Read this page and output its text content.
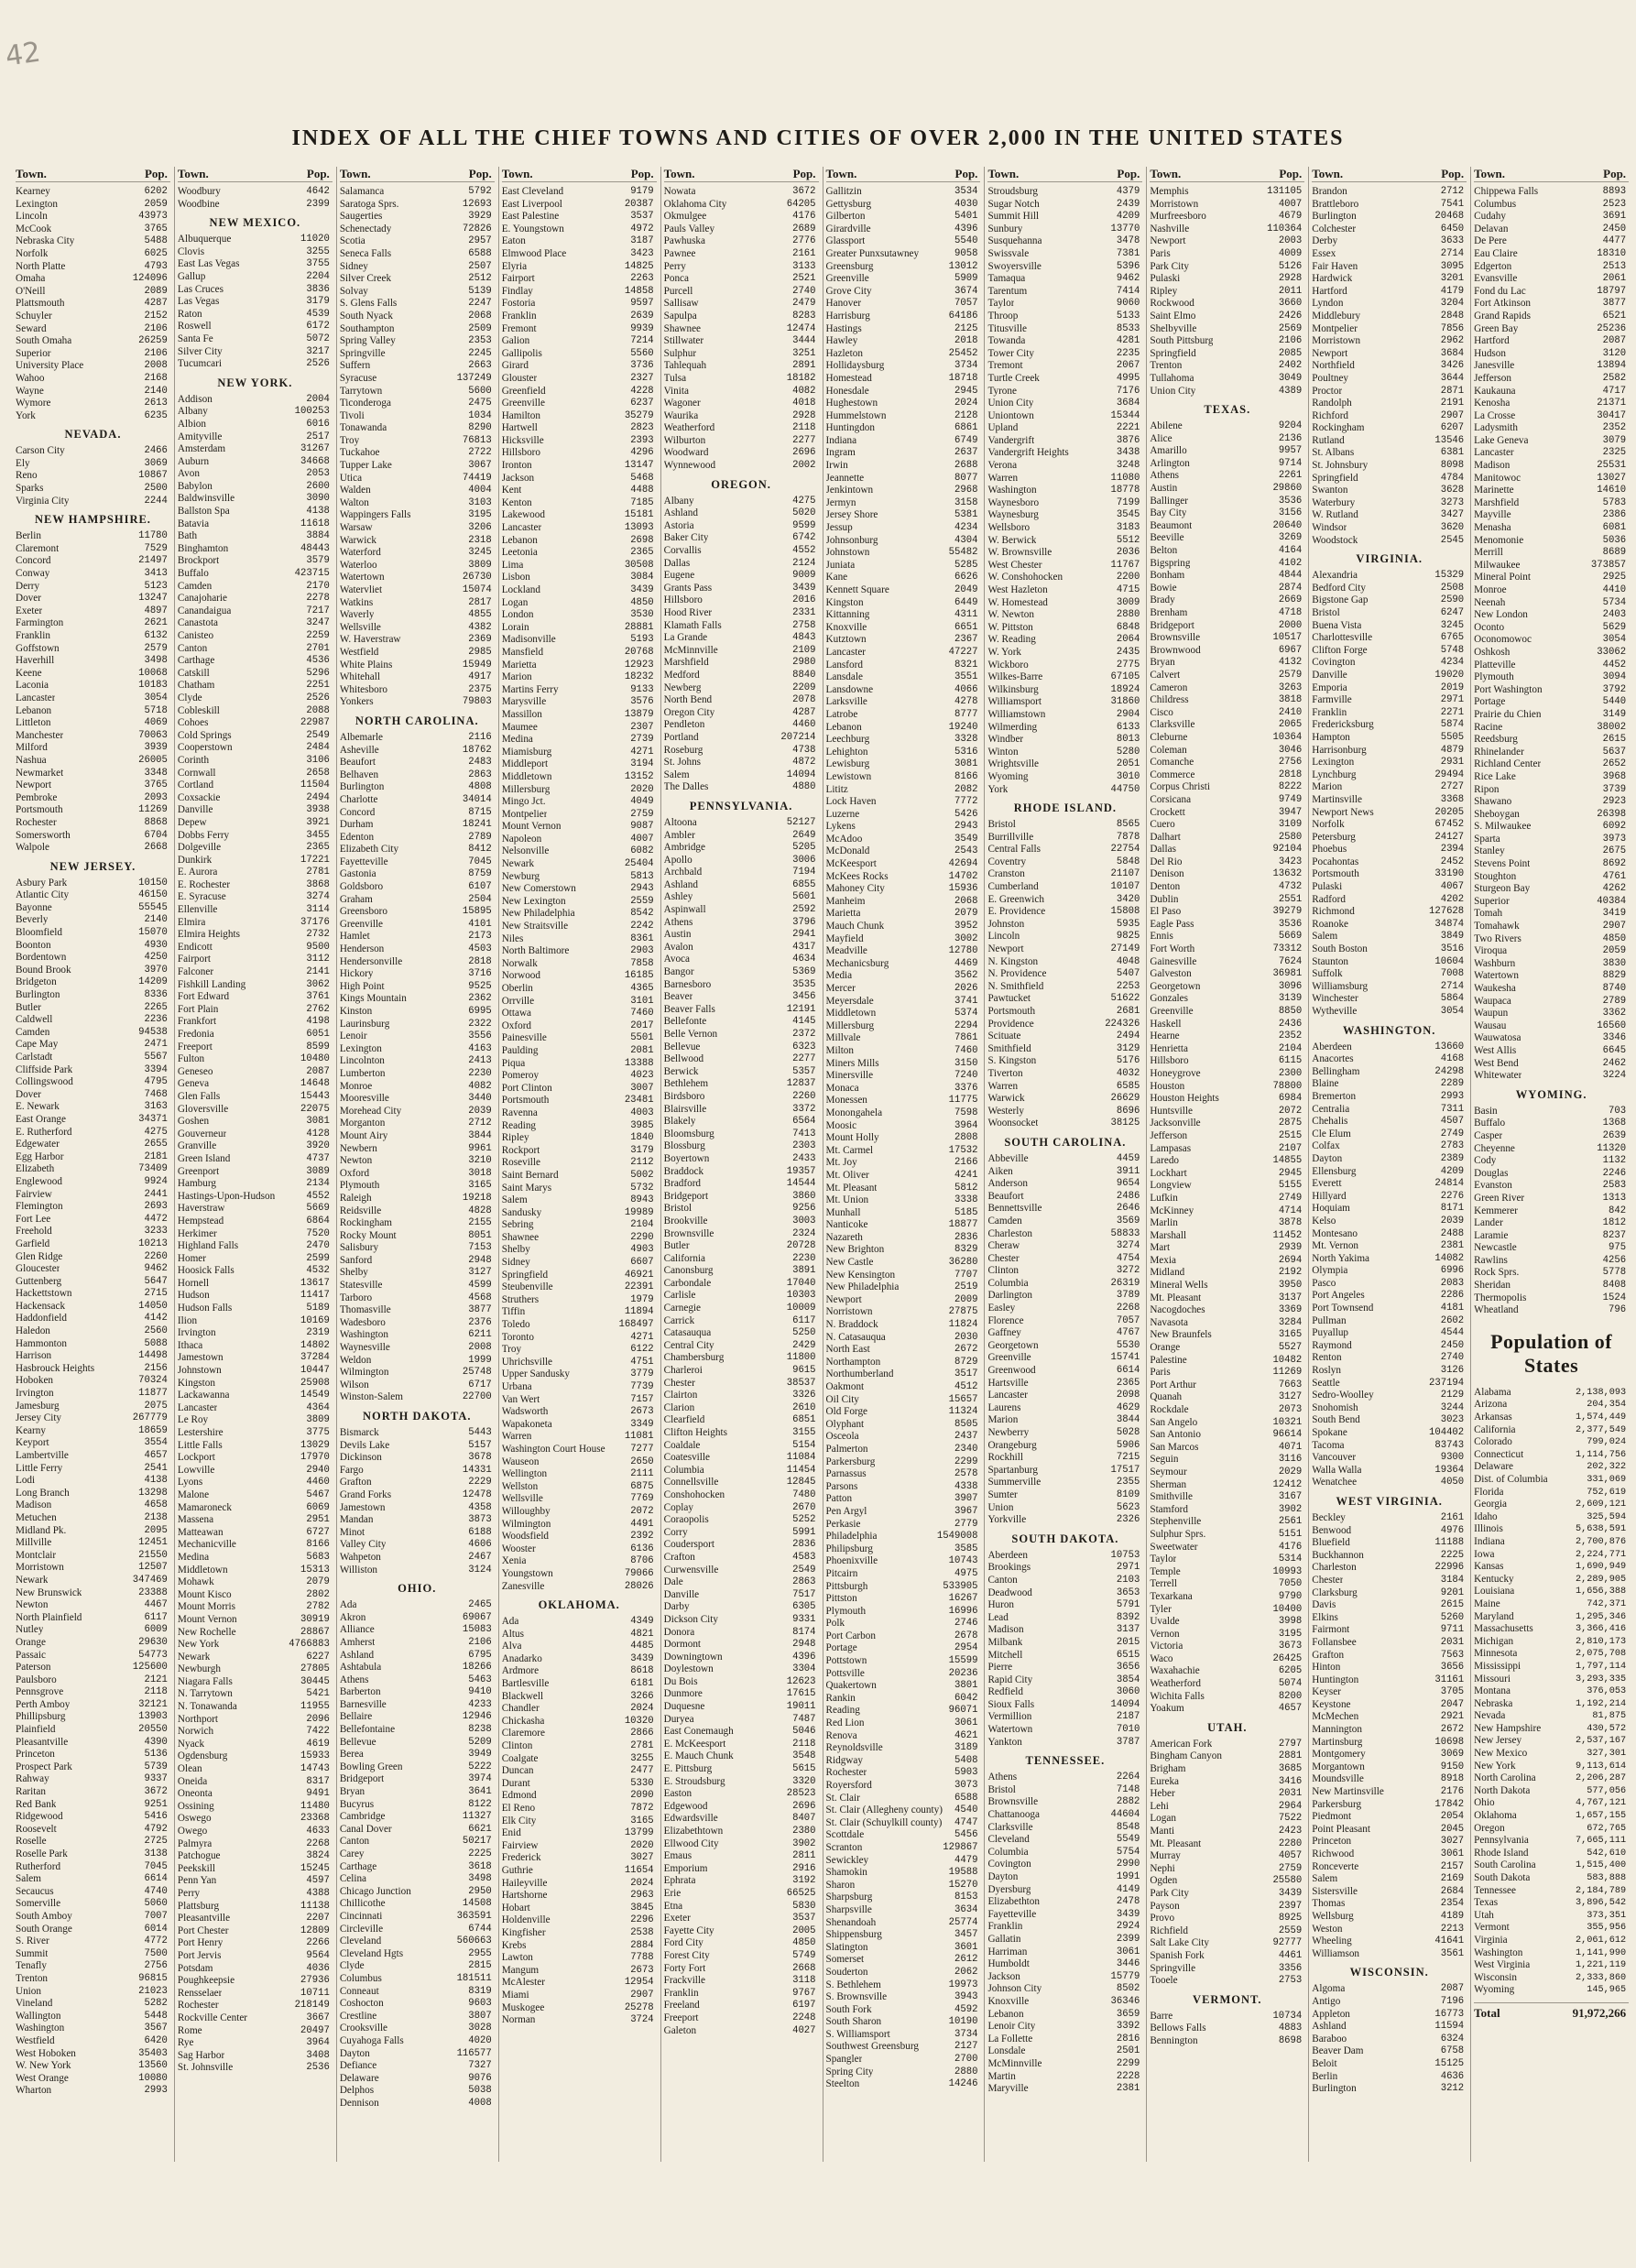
42
INDEX OF ALL THE CHIEF TOWNS AND CITIES OF OVER 2,000 IN THE UNITED STATES
Town.	Pop.
Kearney	6202
Lexington	2059
Lincoln	43973
McCook	3765
Nebraska City	5488
Norfolk	6025
North Platte	4793
Omaha	124096
O'Neill	2089
Plattsmouth	4287
Schuyler	2152
Seward	2106
South Omaha	26259
Superior	2106
University Place	2008
Wahoo	2168
Wayne	2140
Wymore	2613
York	6235
NEVADA.
Carson City	2466
Ely	3069
Reno	10867
Sparks	2500
Virginia City	2244
NEW HAMPSHIRE.
Berlin	11780
Claremont	7529
Concord	21497
Conway	3413
Derry	5123
Dover	13247
Exeter	4897
Farmington	2621
Franklin	6132
Goffstown	2579
Haverhill	3498
Keene	10068
Laconia	10183
Lancaster	3054
Lebanon	5718
Littleton	4069
Manchester	70063
Milford	3939
Nashua	26005
Newmarket	3348
Newport	3765
Pembroke	2093
Portsmouth	11269
Rochester	8868
Somersworth	6704
Walpole	2668
NEW JERSEY.
Asbury Park	10150
Atlantic City	46150
Bayonne	55545
Beverly	2140
Bloomfield	15070
Boonton	4930
Bordentown	4250
Bound Brook	3970
Bridgeton	14209
Burlington	8336
Butler	2265
Caldwell	2236
Camden	94538
Cape May	2471
Carlstadt	5567
Cliffside Park	3394
Collingswood	4795
Dover	7468
E. Newark	3163
East Orange	34371
E. Rutherford	4275
Edgewater	2655
Egg Harbor	2181
Elizabeth	73409
Englewood	9924
Fairview	2441
Flemington	2693
Fort Lee	4472
Freehold	3233
Garfield	10213
Glen Ridge	2260
Gloucester	9462
Guttenberg	5647
Hackettstown	2715
Hackensack	14050
Haddonfield	4142
Haledon	2560
Hammonton	5088
Harrison	14498
Hasbrouck Heights	2156
Hoboken	70324
Irvington	11877
Jamesburg	2075
Jersey City	267779
Kearny	18659
Keyport	3554
Lambertville	4657
Little Ferry	2541
Lodi	4138
Long Branch	13298
Madison	4658
Metuchen	2138
Midland Pk.	2095
Millville	12451
Montclair	21550
Morristown	12507
Newark	347469
New Brunswick	23388
Newton	4467
North Plainfield	6117
Nutley	6009
Orange	29630
Passaic	54773
Paterson	125600
Paulsboro	2121
Pennsgrove	2118
Perth Amboy	32121
Phillipsburg	13903
Plainfield	20550
Pleasantville	4390
Princeton	5136
Prospect Park	5739
Rahway	9337
Raritan	3672
Red Bank	9251
Ridgewood	5416
Roosevelt	4792
Roselle	2725
Roselle Park	3138
Rutherford	7045
Salem	6614
Secaucus	4740
Somerville	5060
South Amboy	7007
South Orange	6014
S. River	4772
Summit	7500
Tenafly	2756
Trenton	96815
Union	21023
Vineland	5282
Wallington	5448
Washington	3567
Westfield	6420
West Hoboken	35403
W. New York	13560
West Orange	10080
Wharton	2993
Town.	Pop.
Woodbury	4642
Woodbine	2399
NEW MEXICO.
Albuquerque	11020
Clovis	3255
East Las Vegas	3755
Gallup	2204
Las Cruces	3836
Las Vegas	3179
Raton	4539
Roswell	6172
Santa Fe	5072
Silver City	3217
Tucumcari	2526
NEW YORK.
Addison	2004
Albany	100253
Albion	6016
Amityville	2517
Amsterdam	31267
Auburn	34668
Avon	2053
Babylon	2600
Baldwinsville	3090
Ballston Spa	4138
Batavia	11618
Bath	3884
Binghamton	48443
Brockport	3579
Buffalo	423715
Camden	2170
Canajoharie	2278
Canandaigua	7217
Canastota	3247
Canisteo	2259
Canton	2701
Carthage	4536
Catskill	5296
Chatham	2251
Clyde	2526
Cobleskill	2088
Cohoes	22987
Cold Springs	2549
Cooperstown	2484
Corinth	3106
Cornwall	2658
Cortland	11504
Coxsackie	2494
Danville	3938
Depew	3921
Dobbs Ferry	3455
Dolgeville	2365
Dunkirk	17221
E. Aurora	2781
E. Rochester	3868
E. Syracuse	3274
Ellenville	3114
Elmira	37176
Elmira Heights	2732
Endicott	9500
Fairport	3112
Falconer	2141
Fishkill Landing	3062
Fort Edward	3761
Fort Plain	2762
Frankfort	4198
Fredonia	6051
Freeport	8599
Fulton	10480
Geneseo	2087
Geneva	14648
Glen Falls	15443
Gloversville	22075
Goshen	3081
Gouverneur	4128
Granville	3920
Green Island	4737
Greenport	3089
Hamburg	2134
Hastings-Upon-Hudson	4552
Haverstraw	5669
Hempstead	6864
Herkimer	7520
Highland Falls	2470
Homer	2599
Hoosick Falls	4532
Hornell	13617
Hudson	11417
Hudson Falls	5189
Ilion	10169
Irvington	2319
Ithaca	14802
Jamestown	37284
Johnstown	10447
Kingston	25908
Lackawanna	14549
Lancaster	4364
Le Roy	3809
Lestershire	3775
Little Falls	13029
Lockport	17970
Lowville	2940
Lyons	4460
Malone	5467
Mamaroneck	6069
Massena	2951
Matteawan	6727
Mechanicville	8166
Medina	5683
Middletown	15313
Mohawk	2079
Mount Kisco	2802
Mount Morris	2782
Mount Vernon	30919
New Rochelle	28867
New York	4766883
Newark	6227
Newburgh	27805
Niagara Falls	30445
N. Tarrytown	5421
N. Tonawanda	11955
Northport	2096
Norwich	7422
Nyack	4619
Ogdensburg	15933
Olean	14743
Oneida	8317
Oneonta	9491
Ossining	11480
Oswego	23368
Owego	4633
Palmyra	2268
Patchogue	3824
Peekskill	15245
Penn Yan	4597
Perry	4388
Plattsburg	11138
Pleasantville	2207
Port Chester	12809
Port Henry	2266
Port Jervis	9564
Potsdam	4036
Poughkeepsie	27936
Rensselaer	10711
Rochester	218149
Rockville Center	3667
Rome	20497
Rye	3964
Sag Harbor	3408
St. Johnsville	2536
Town.	Pop.
Salamanca	5792
Saratoga Sprs.	12693
Saugerties	3929
Schenectady	72826
Scotia	2957
Seneca Falls	6588
Sidney	2507
Silver Creek	2512
Solvay	5139
S. Glens Falls	2247
South Nyack	2068
Southampton	2509
Spring Valley	2353
Springville	2245
Suffern	2663
Syracuse	137249
Tarrytown	5600
Ticonderoga	2475
Tivoli	1034
Tonawanda	8290
Troy	76813
Tuckahoe	2722
Tupper Lake	3067
Utica	74419
Walden	4004
Walton	3103
Wappingers Falls	3195
Warsaw	3206
Warwick	2318
Waterford	3245
Waterloo	3809
Watertown	26730
Watervliet	15074
Watkins	2817
Waverly	4855
Wellsville	4382
W. Haverstraw	2369
Westfield	2985
White Plains	15949
Whitehall	4917
Whitesboro	2375
Yonkers	79803
NORTH CAROLINA.
Albemarle	2116
Asheville	18762
Beaufort	2483
Belhaven	2863
Burlington	4808
Charlotte	34014
Concord	8715
Durham	18241
Edenton	2789
Elizabeth City	8412
Fayetteville	7045
Gastonia	8759
Goldsboro	6107
Graham	2504
Greensboro	15895
Greenville	4101
Hamlet	2173
Henderson	4503
Hendersonville	2818
Hickory	3716
High Point	9525
Kings Mountain	2362
Kinston	6995
Laurinsburg	2322
Lenoir	3556
Lexington	4163
Lincolnton	2413
Lumberton	2230
Monroe	4082
Mooresville	3440
Morehead City	2039
Morganton	2712
Mount Airy	3844
Newbern	9961
Newton	3210
Oxford	3018
Plymouth	3165
Raleigh	19218
Reidsville	4828
Rockingham	2155
Rocky Mount	8051
Salisbury	7153
Sanford	2948
Shelby	3127
Statesville	4599
Tarboro	4568
Thomasville	3877
Wadesboro	2376
Washington	6211
Waynesville	2008
Weldon	1999
Wilmington	25748
Wilson	6717
Winston-Salem	22700
NORTH DAKOTA.
Bismarck	5443
Devils Lake	5157
Dickinson	3678
Fargo	14331
Grafton	2229
Grand Forks	12478
Jamestown	4358
Mandan	3873
Minot	6188
Valley City	4606
Wahpeton	2467
Williston	3124
OHIO.
Ada	2465
Akron	69067
Alliance	15083
Amherst	2106
Ashland	6795
Ashtabula	18266
Athens	5463
Barberton	9410
Barnesville	4233
Bellaire	12946
Bellefontaine	8238
Bellevue	5209
Berea	3949
Bowling Green	5222
Bridgeport	3974
Bryan	3641
Bucyrus	8122
Cambridge	11327
Canal Dover	6621
Canton	50217
Carey	2225
Carthage	3618
Celina	3498
Chicago Junction	2950
Chillicothe	14508
Cincinnati	363591
Circleville	6744
Cleveland	560663
Cleveland Hgts	2955
Clyde	2815
Columbus	181511
Conneaut	8319
Coshocton	9603
Crestline	3807
Crooksville	3028
Cuyahoga Falls	4020
Dayton	116577
Defiance	7327
Delaware	9076
Delphos	5038
Dennison	4008
Town.	Pop.
East Cleveland	9179
East Liverpool	20387
East Palestine	3537
E. Youngstown	4972
Eaton	3187
Elmwood Place	3423
Elyria	14825
Fairport	2263
Findlay	14858
Fostoria	9597
Franklin	2639
Fremont	9939
Galion	7214
Gallipolis	5560
Girard	3736
Glouster	2327
Greenfield	4228
Greenville	6237
Hamilton	35279
Hartwell	2823
Hicksville	2393
Hillsboro	4296
Ironton	13147
Jackson	5468
Kent	4488
Kenton	7185
Lakewood	15181
Lancaster	13093
Lebanon	2698
Leetonia	2365
Lima	30508
Lisbon	3084
Lockland	3439
Logan	4850
London	3530
Lorain	28881
Madisonville	5193
Mansfield	20768
Marietta	12923
Marion	18232
Martins Ferry	9133
Marysville	3576
Massillon	13879
Maumee	2307
Medina	2739
Miamisburg	4271
Middleport	3194
Middletown	13152
Millersburg	2020
Mingo Jct.	4049
Montpelier	2759
Mount Vernon	9087
Napoleon	4007
Nelsonville	6082
Newark	25404
Newburg	5813
New Comerstown	2943
New Lexington	2559
New Philadelphia	8542
New Straitsville	2242
Niles	8361
North Baltimore	2903
Norwalk	7858
Norwood	16185
Oberlin	4365
Orrville	3101
Ottawa	7460
Oxford	2017
Painesville	5501
Paulding	2081
Piqua	13388
Pomeroy	4023
Port Clinton	3007
Portsmouth	23481
Ravenna	4003
Reading	3985
Ripley	1840
Rockport	3179
Roseville	2112
Saint Bernard	5002
Saint Marys	5732
Salem	8943
Sandusky	19989
Sebring	2104
Shawnee	2290
Shelby	4903
Sidney	6607
Springfield	46921
Steubenville	22391
Struthers	1979
Tiffin	11894
Toledo	168497
Toronto	4271
Troy	6122
Uhrichsville	4751
Upper Sandusky	3779
Urbana	7739
Van Wert	7157
Wadsworth	2673
Wapakoneta	3349
Warren	11081
Washington Court House	7277
Wauseon	2650
Wellington	2111
Wellston	6875
Wellsville	7769
Willoughby	2072
Wilmington	4491
Woodsfield	2392
Wooster	6136
Xenia	8706
Youngstown	79066
Zanesville	28026
OKLAHOMA.
Ada	4349
Altus	4821
Alva	4485
Anadarko	3439
Ardmore	8618
Bartlesville	6181
Blackwell	3266
Chandler	2024
Chickasha	10320
Claremore	2866
Clinton	2781
Coalgate	3255
Duncan	2477
Durant	5330
Edmond	2090
El Reno	7872
Elk City	3165
Enid	13799
Fairview	2020
Frederick	3027
Guthrie	11654
Haileyville	2024
Hartshorne	2963
Hobart	3845
Holdenville	2296
Kingfisher	2538
Krebs	2884
Lawton	7788
Mangum	2673
McAlester	12954
Miami	2907
Muskogee	25278
Norman	3724
Town.	Pop.
Nowata	3672
Oklahoma City	64205
Okmulgee	4176
Pauls Valley	2689
Pawhuska	2776
Pawnee	2161
Perry	3133
Ponca	2521
Purcell	2740
Sallisaw	2479
Sapulpa	8283
Shawnee	12474
Stillwater	3444
Sulphur	3251
Tahlequah	2891
Tulsa	18182
Vinita	4082
Wagoner	4018
Waurika	2928
Weatherford	2118
Wilburton	2277
Woodward	2696
Wynnewood	2002
OREGON.
Albany	4275
Ashland	5020
Astoria	9599
Baker City	6742
Corvallis	4552
Dallas	2124
Eugene	9009
Grants Pass	3439
Hillsboro	2016
Hood River	2331
Klamath Falls	2758
La Grande	4843
McMinnville	2109
Marshfield	2980
Medford	8840
Newberg	2209
North Bend	2078
Oregon City	4287
Pendleton	4460
Portland	207214
Roseburg	4738
St. Johns	4872
Salem	14094
The Dalles	4880
PENNSYLVANIA.
Altoona	52127
Ambler	2649
Ambridge	5205
Apollo	3006
Archbald	7194
Ashland	6855
Ashley	5601
Aspinwall	2592
Athens	3796
Austin	2941
Avalon	4317
Avoca	4634
Bangor	5369
Barnesboro	3535
Beaver	3456
Beaver Falls	12191
Bellefonte	4145
Belle Vernon	2372
Bellevue	6323
Bellwood	2277
Berwick	5357
Bethlehem	12837
Birdsboro	2260
Blairsville	3372
Blakely	6564
Bloomsburg	7413
Blossburg	2303
Boyertown	2433
Braddock	19357
Bradford	14544
Bridgeport	3860
Bristol	9256
Brookville	3003
Brownsville	2324
Butler	20728
California	2230
Canonsburg	3891
Carbondale	17040
Carlisle	10303
Carnegie	10009
Carrick	6117
Catasauqua	5250
Central City	2429
Chambersburg	11800
Charleroi	9615
Chester	38537
Clairton	3326
Clarion	2610
Clearfield	6851
Clifton Heights	3155
Coaldale	5154
Coatesville	11084
Columbia	11454
Connellsville	12845
Conshohocken	7480
Coplay	2670
Coraopolis	5252
Corry	5991
Coudersport	2836
Crafton	4583
Curwensville	2549
Dale	2863
Danville	7517
Darby	6305
Dickson City	9331
Donora	8174
Dormont	2948
Downingtown	4396
Doylestown	3304
Du Bois	12623
Dunmore	17615
Duquesne	19011
Duryea	7487
East Conemaugh	5046
E. McKeesport	2118
E. Mauch Chunk	3548
E. Pittsburg	5615
E. Stroudsburg	3320
Easton	28523
Edgewood	2696
Edwardsville	8407
Elizabethtown	2380
Ellwood City	3902
Emaus	2811
Emporium	2916
Ephrata	3192
Erie	66525
Etna	5830
Exeter	3537
Fayette City	2005
Ford City	4850
Forest City	5749
Forty Fort	2668
Frackville	3118
Franklin	9767
Freeland	6197
Freeport	2248
Galeton	4027
Town.	Pop.
Gallitzin	3534
Gettysburg	4030
Gilberton	5401
Girardville	4396
Glassport	5540
Greater Punxsutawney	9058
Greensburg	13012
Greenville	5909
Grove City	3674
Hanover	7057
Harrisburg	64186
Hastings	2125
Hawley	2018
Hazleton	25452
Hollidaysburg	3734
Homestead	18718
Honesdale	2945
Hughestown	2024
Hummelstown	2128
Huntingdon	6861
Indiana	6749
Ingram	2637
Irwin	2688
Jeannette	8077
Jenkintown	2968
Jermyn	3158
Jersey Shore	5381
Jessup	4234
Johnsonburg	4304
Johnstown	55482
Juniata	5285
Kane	6626
Kennett Square	2049
Kingston	6449
Kittanning	4311
Knoxville	6651
Kutztown	2367
Lancaster	47227
Lansford	8321
Lansdale	3551
Lansdowne	4066
Larksville	4278
Latrobe	8777
Lebanon	19240
Leechburg	3328
Lehighton	5316
Lewisburg	3081
Lewistown	8166
Lititz	2082
Lock Haven	7772
Luzerne	5426
Lykens	2943
McAdoo	3549
McDonald	2543
McKeesport	42694
McKees Rocks	14702
Mahoney City	15936
Manheim	2068
Marietta	2079
Mauch Chunk	3952
Mayfield	3002
Meadville	12780
Mechanicsburg	4469
Media	3562
Mercer	2026
Meyersdale	3741
Middletown	5374
Millersburg	2294
Millvale	7861
Milton	7460
Miners Mills	3150
Minersville	7240
Monaca	3376
Monessen	11775
Monongahela	7598
Moosic	3964
Mount Holly	2808
Mt. Carmel	17532
Mt. Joy	2166
Mt. Oliver	4241
Mt. Pleasant	5812
Mt. Union	3338
Munhall	5185
Nanticoke	18877
Nazareth	2836
New Brighton	8329
New Castle	36280
New Kensington	7707
New Philadelphia	2519
Newport	2009
Norristown	27875
N. Braddock	11824
N. Catasauqua	2030
North East	2672
Northampton	8729
Northumberland	3517
Oakmont	4512
Oil City	15657
Old Forge	11324
Olyphant	8505
Osceola	2437
Palmerton	2340
Parkersburg	2299
Parnassus	2578
Parsons	4338
Patton	3907
Pen Argyl	3967
Perkasie	2779
Philadelphia	1549008
Philipsburg	3585
Phoenixville	10743
Pitcairn	4975
Pittsburgh	533905
Pittston	16267
Plymouth	16996
Polk	2746
Port Carbon	2678
Portage	2954
Pottstown	15599
Pottsville	20236
Quakertown	3801
Rankin	6042
Reading	96071
Red Lion	3061
Renova	4621
Reynoldsville	3189
Ridgway	5408
Rochester	5903
Royersford	3073
St. Clair	6588
St. Clair (Allegheny county) 4540
St. Clair (Schuylkill county) 4747
Scottdale	5456
Scranton	129867
Sewickley	4479
Shamokin	19588
Sharon	15270
Sharpsburg	8153
Sharpsville	3634
Shenandoah	25774
Shippensburg	3457
Slatington	3601
Somerset	2612
Souderton	2062
S. Bethlehem	19973
S. Brownsville	3943
South Fork	4592
South Sharon	10190
S. Williamsport	3734
Southwest Greensburg	2127
Spangler	2700
Spring City	2880
Steelton	14246
Town.	Pop.
Stroudsburg	4379
Sugar Notch	2439
Summit Hill	4209
Sunbury	13770
Susquehanna	3478
Swissvale	7381
Swoyersville	5396
Tamaqua	9462
Tarentum	7414
Taylor	9060
Throop	5133
Titusville	8533
Towanda	4281
Tower City	2235
Tremont	2067
Turtle Creek	4995
Tyrone	7176
Union City	3684
Uniontown	15344
Upland	2221
Vandergrift	3876
Vandergrift Heights	3438
Verona	3248
Warren	11080
Washington	18778
Waynesboro	7199
Waynesburg	3545
Wellsboro	3183
W. Berwick	5512
W. Brownsville	2036
West Chester	11767
W. Conshohocken	2200
West Hazleton	4715
W. Homestead	3009
W. Newton	2880
W. Pittston	6848
W. Reading	2064
W. York	2435
Wickboro	2775
Wilkes-Barre	67105
Wilkinsburg	18924
Williamsport	31860
Williamstown	2904
Wilmerding	6133
Windber	8013
Winton	5280
Wrightsville	2051
Wyoming	3010
York	44750
RHODE ISLAND.
Bristol	8565
Burrillville	7878
Central Falls	22754
Coventry	5848
Cranston	21107
Cumberland	10107
E. Greenwich	3420
E. Providence	15808
Johnston	5935
Lincoln	9825
Newport	27149
N. Kingston	4048
N. Providence	5407
N. Smithfield	2253
Pawtucket	51622
Portsmouth	2681
Providence	224326
Scituate	2494
Smithfield	3129
S. Kingston	5176
Tiverton	4032
Warren	6585
Warwick	26629
Westerly	8696
Woonsocket	38125
SOUTH CAROLINA.
Abbeville	4459
Aiken	3911
Anderson	9654
Beaufort	2486
Bennettsville	2646
Camden	3569
Charleston	58833
Cheraw	3274
Chester	4754
Clinton	3272
Columbia	26319
Darlington	3789
Easley	2268
Florence	7057
Gaffney	4767
Georgetown	5530
Greenville	15741
Greenwood	6614
Hartsville	2365
Lancaster	2098
Laurens	4629
Marion	3844
Newberry	5028
Orangeburg	5906
Rockhill	7215
Spartanburg	17517
Summerville	2355
Sumter	8109
Union	5623
Yorkville	2326
SOUTH DAKOTA.
Aberdeen	10753
Brookings	2971
Canton	2103
Deadwood	3653
Huron	5791
Lead	8392
Madison	3137
Milbank	2015
Mitchell	6515
Pierre	3656
Rapid City	3854
Redfield	3060
Sioux Falls	14094
Vermillion	2187
Watertown	7010
Yankton	3787
TENNESSEE.
Athens	2264
Bristol	7148
Brownsville	2882
Chattanooga	44604
Clarksville	8548
Cleveland	5549
Columbia	5754
Covington	2990
Dayton	1991
Dyersburg	4149
Elizabethton	2478
Fayetteville	3439
Franklin	2924
Gallatin	2399
Harriman	3061
Humboldt	3446
Jackson	15779
Johnson City	8502
Knoxville	36346
Lebanon	3659
Lenoir City	3392
La Follette	2816
Lonsdale	2501
McMinnville	2299
Martin	2228
Maryville	2381
Town.	Pop.
Memphis	131105
Morristown	4007
Murfreesboro	4679
Nashville	110364
Newport	2003
Paris	4009
Park City	5126
Pulaski	2928
Ripley	2011
Rockwood	3660
Saint Elmo	2426
Shelbyville	2569
South Pittsburg	2106
Springfield	2085
Trenton	2402
Tullahoma	3049
Union City	4389
TEXAS.
Abilene	9204
Alice	2136
Amarillo	9957
Arlington	9714
Athens	2261
Austin	29860
Ballinger	3536
Bay City	3156
Beaumont	20640
Beeville	3269
Belton	4164
Bigspring	4102
Bonham	4844
Bowie	2874
Brady	2669
Brenham	4718
Bridgeport	2000
Brownsville	10517
Brownwood	6967
Bryan	4132
Calvert	2579
Cameron	3263
Childress	3818
Cisco	2410
Clarksville	2065
Cleburne	10364
Coleman	3046
Comanche	2756
Commerce	2818
Corpus Christi	8222
Corsicana	9749
Crockett	3947
Cuero	3109
Dalhart	2580
Dallas	92104
Del Rio	3423
Denison	13632
Denton	4732
Dublin	2551
El Paso	39279
Eagle Pass	3536
Ennis	5669
Fort Worth	73312
Gainesville	7624
Galveston	36981
Georgetown	3096
Gonzales	3139
Greenville	8850
Haskell	2436
Hearne	2352
Henrietta	2104
Hillsboro	6115
Honeygrove	2300
Houston	78800
Houston Heights	6984
Huntsville	2072
Jacksonville	2875
Jefferson	2515
Lampasas	2107
Laredo	14855
Lockhart	2945
Longview	5155
Lufkin	2749
McKinney	4714
Marlin	3878
Marshall	11452
Mart	2939
Mexia	2694
Midland	2192
Mineral Wells	3950
Mt. Pleasant	3137
Nacogdoches	3369
Navasota	3284
New Braunfels	3165
Orange	5527
Palestine	10482
Paris	11269
Port Arthur	7663
Quanah	3127
Rockdale	2073
San Angelo	10321
San Antonio	96614
San Marcos	4071
Seguin	3116
Seymour	2029
Sherman	12412
Smithville	3167
Stamford	3902
Stephenville	2561
Sulphur Sprs.	5151
Sweetwater	4176
Taylor	5314
Temple	10993
Terrell	7050
Texarkana	9790
Tyler	10400
Uvalde	3998
Vernon	3195
Victoria	3673
Waco	26425
Waxahachie	6205
Weatherford	5074
Wichita Falls	8200
Yoakum	4657
UTAH.
American Fork	2797
Bingham Canyon	2881
Brigham	3685
Eureka	3416
Heber	2031
Lehi	2964
Logan	7522
Manti	2423
Mt. Pleasant	2280
Murray	4057
Nephi	2759
Ogden	25580
Park City	3439
Payson	2397
Provo	8925
Richfield	2559
Salt Lake City	92777
Spanish Fork	4461
Springville	3356
Tooele	2753
VERMONT.
Barre	10734
Bellows Falls	4883
Bennington	8698
Town.	Pop.
Brandon	2712
Brattleboro	7541
Burlington	20468
Colchester	6450
Derby	3633
Essex	2714
Fair Haven	3095
Hardwick	3201
Hartford	4179
Lyndon	3204
Middlebury	2848
Montpelier	7856
Morristown	2962
Newport	3684
Northfield	3426
Poultney	3644
Proctor	2871
Randolph	2191
Richford	2907
Rockingham	6207
Rutland	13546
St. Albans	6381
St. Johnsbury	8098
Springfield	4784
Swanton	3628
Waterbury	3273
W. Rutland	3427
Windsor	3620
Woodstock	2545
VIRGINIA.
Alexandria	15329
Bedford City	2508
Bigstone Gap	2590
Bristol	6247
Buena Vista	3245
Charlottesville	6765
Clifton Forge	5748
Covington	4234
Danville	19020
Emporia	2019
Farmville	2971
Franklin	2271
Fredericksburg	5874
Hampton	5505
Harrisonburg	4879
Lexington	2931
Lynchburg	29494
Marion	2727
Martinsville	3368
Newport News	20205
Norfolk	67452
Petersburg	24127
Phoebus	2394
Pocahontas	2452
Portsmouth	33190
Pulaski	4067
Radford	4202
Richmond	127628
Roanoke	34874
Salem	3849
South Boston	3516
Staunton	10604
Suffolk	7008
Williamsburg	2714
Winchester	5864
Wytheville	3054
WASHINGTON.
Aberdeen	13660
Anacortes	4168
Bellingham	24298
Blaine	2289
Bremerton	2993
Centralia	7311
Chehalis	4507
Cle Elum	2749
Colfax	2783
Dayton	2389
Ellensburg	4209
Everett	24814
Hillyard	2276
Hoquiam	8171
Kelso	2039
Montesano	2488
Mt. Vernon	2381
North Yakima	14082
Olympia	6996
Pasco	2083
Port Angeles	2286
Port Townsend	4181
Pullman	2602
Puyallup	4544
Raymond	2450
Renton	2740
Roslyn	3126
Seattle	237194
Sedro-Woolley	2129
Snohomish	3244
South Bend	3023
Spokane	104402
Tacoma	83743
Vancouver	9300
Walla Walla	19364
Wenatchee	4050
WEST VIRGINIA.
Beckley	2161
Benwood	4976
Bluefield	11188
Buckhannon	2225
Charleston	22996
Chester	3184
Clarksburg	9201
Davis	2615
Elkins	5260
Fairmont	9711
Follansbee	2031
Grafton	7563
Hinton	3656
Huntington	31161
Keyser	3705
Keystone	2047
McMechen	2921
Mannington	2672
Martinsburg	10698
Montgomery	3069
Morgantown	9150
Moundsville	8918
New Martinsville	2176
Parkersburg	17842
Piedmont	2054
Point Pleasant	2045
Princeton	3027
Richwood	3061
Ronceverte	2157
Salem	2169
Sistersville	2684
Thomas	2354
Wellsburg	4189
Weston	2213
Wheeling	41641
Williamson	3561
WISCONSIN.
Algoma	2087
Antigo	7196
Appleton	16773
Ashland	11594
Baraboo	6324
Beaver Dam	6758
Beloit	15125
Berlin	4636
Burlington	3212
Town.	Pop.
Chippewa Falls	8893
Columbus	2523
Cudahy	3691
Delavan	2450
De Pere	4477
Eau Claire	18310
Edgerton	2513
Evansville	2061
Fond du Lac	18797
Fort Atkinson	3877
Grand Rapids	6521
Green Bay	25236
Hartford	2087
Hudson	3120
Janesville	13894
Jefferson	2582
Kaukauna	4717
Kenosha	21371
La Crosse	30417
Ladysmith	2352
Lake Geneva	3079
Lancaster	2325
Madison	25531
Manitowoc	13027
Marinette	14610
Marshfield	5783
Mayville	2386
Menasha	6081
Menomonie	5036
Merrill	8689
Milwaukee	373857
Mineral Point	2925
Monroe	4410
Neenah	5734
New London	2403
Oconto	5629
Oconomowoc	3054
Oshkosh	33062
Platteville	4452
Plymouth	3094
Port Washington	3792
Portage	5440
Prairie du Chien	3149
Racine	38002
Reedsburg	2615
Rhinelander	5637
Richland Center	2652
Rice Lake	3968
Ripon	3739
Shawano	2923
Sheboygan	26398
S. Milwaukee	6092
Sparta	3973
Stanley	2675
Stevens Point	8692
Stoughton	4761
Sturgeon Bay	4262
Superior	40384
Tomah	3419
Tomahawk	2907
Two Rivers	4850
Viroqua	2059
Washburn	3830
Watertown	8829
Waukesha	8740
Waupaca	2789
Waupun	3362
Wausau	16560
Wauwatosa	3346
West Allis	6645
West Bend	2462
Whitewater	3224
WYOMING.
Basin	703
Buffalo	1368
Casper	2639
Cheyenne	11320
Cody	1132
Douglas	2246
Evanston	2583
Green River	1313
Kemmerer	842
Lander	1812
Laramie	8237
Newcastle	975
Rawlins	4256
Rock Sprs.	5778
Sheridan	8408
Thermopolis	1524
Wheatland	796
Population of States
Alabama	2,138,093
Arizona	204,354
Arkansas	1,574,449
California	2,377,549
Colorado	799,024
Connecticut	1,114,756
Delaware	202,322
Dist. of Columbia	331,069
Florida	752,619
Georgia	2,609,121
Idaho	325,594
Illinois	5,638,591
Indiana	2,700,876
Iowa	2,224,771
Kansas	1,690,949
Kentucky	2,289,905
Louisiana	1,656,388
Maine	742,371
Maryland	1,295,346
Massachusetts	3,366,416
Michigan	2,810,173
Minnesota	2,075,708
Mississippi	1,797,114
Missouri	3,293,335
Montana	376,053
Nebraska	1,192,214
Nevada	81,875
New Hampshire	430,572
New Jersey	2,537,167
New Mexico	327,301
New York	9,113,614
North Carolina	2,206,287
North Dakota	577,056
Ohio	4,767,121
Oklahoma	1,657,155
Oregon	672,765
Pennsylvania	7,665,111
Rhode Island	542,610
South Carolina	1,515,400
South Dakota	583,888
Tennessee	2,184,789
Texas	3,896,542
Utah	373,351
Vermont	355,956
Virginia	2,061,612
Washington	1,141,990
West Virginia	1,221,119
Wisconsin	2,333,860
Wyoming	145,965
Total	91,972,266
